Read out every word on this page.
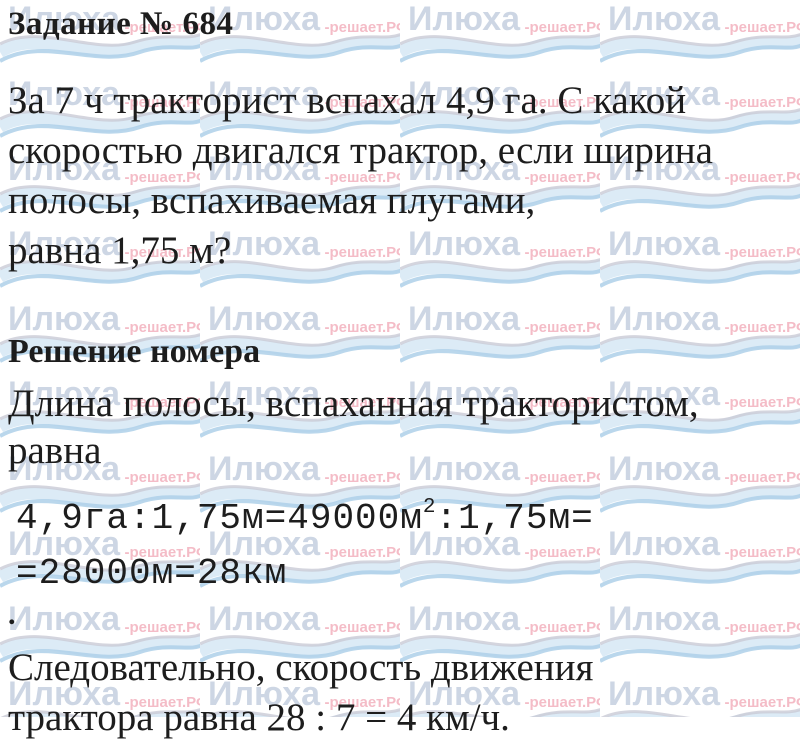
Задание № 684
За 7 ч тракторист вспахал 4,9 га. С какой
скоростью двигался трактор, если ширина
полосы, вспахиваемая плугами,
равна 1,75 м?
Решение номера
Длина полосы, вспаханная трактористом,
равна
$4,9га:1,75м=49000м^2:1,75м=$
=28000м=28км
.
Следовательно, скорость движения
трактора равна 28 : 7 = 4 км/ч.
